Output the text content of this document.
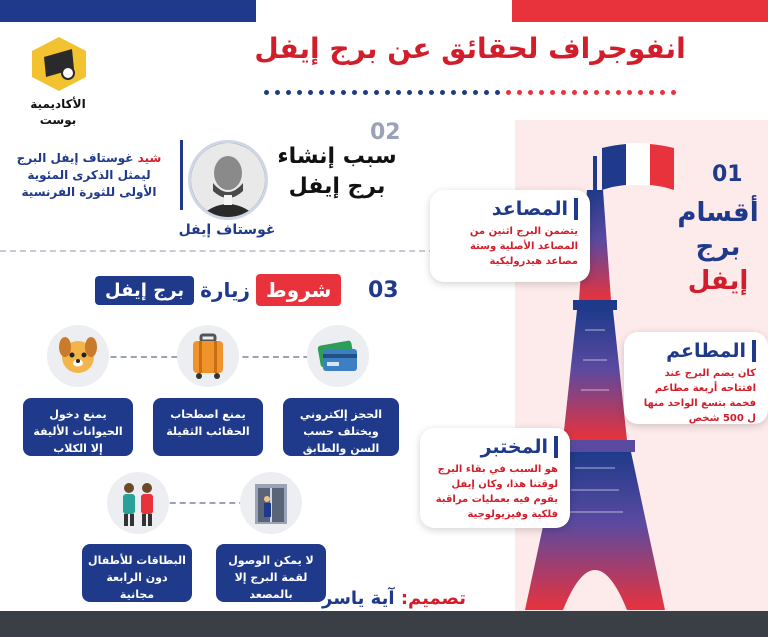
الأكاديمية
بوست
انفوجراف لحقائق عن برج إيفل
شيد غوستاف إيفل البرج
ليمثل الذكرى المئوية
الأولى للثورة الفرنسية
غوستاف إيفل
02
سبب إنشاء
برج إيفل
03
شروط
زيارة
برج إيفل
يمنع دخول الحيوانات الأليفة إلا الكلاب المرافقة العميان
يمنع اصطحاب الحقائب الثقيلة
الحجز إلكتروني ويختلف حسب السن والطابق الذي ستزوره
البطاقات للأطفال دون الرابعة مجانية
لا يمكن الوصول لقمة البرج إلا بالمصعد
01
أقسام
برج
إيفل
المصاعد
يتضمن البرج اثنين من المصاعد الأصلية وستة مصاعد هيدروليكية
المطاعم
كان يضم البرج عند افتتاحه أربعة مطاعم فخمة بتسع الواحد منها ل 500 شخص
المختبر
هو السبب في بقاء البرج لوقتنا هذا، وكان إيفل يقوم فيه بعمليات مراقبة فلكية وفيزيولوجية
تصميم: آية ياسر
